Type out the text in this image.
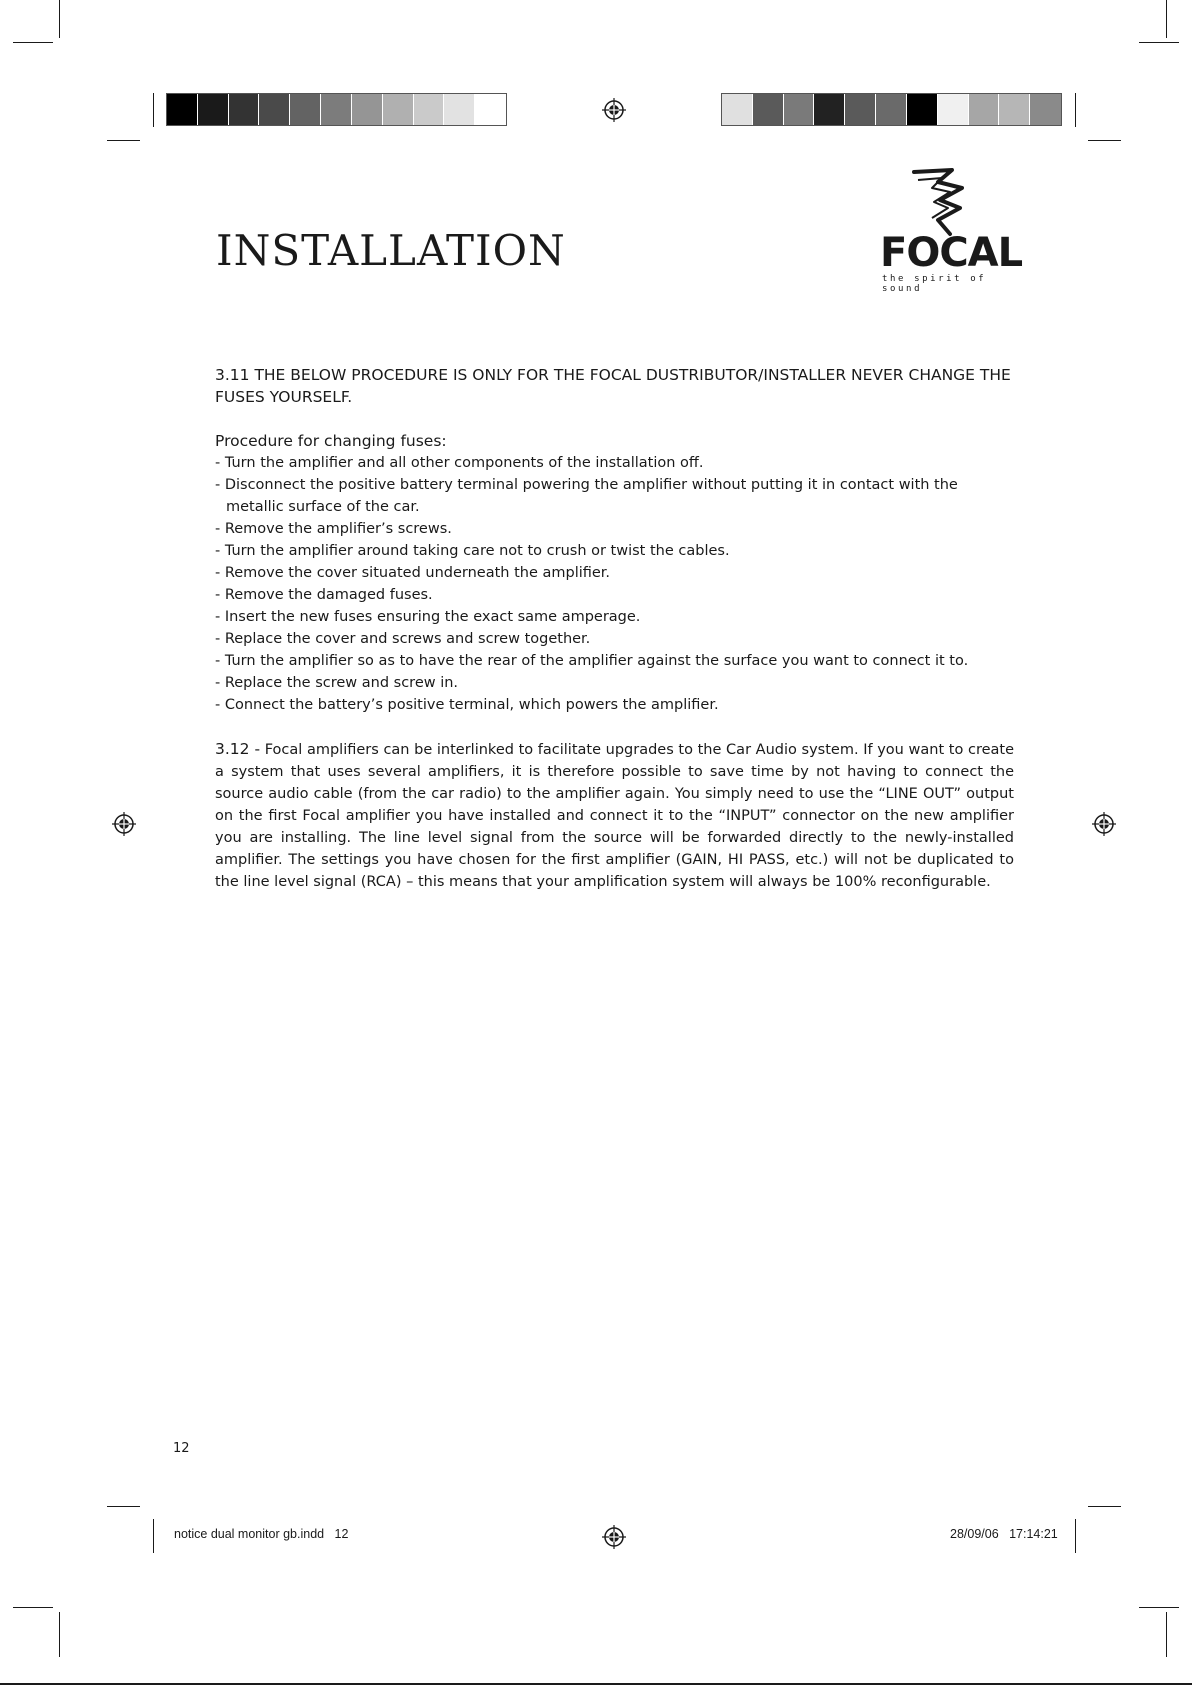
INSTALLATION	FOCAL
the spirit of sound
3.11 THE BELOW PROCEDURE IS ONLY FOR THE FOCAL DUSTRIBUTOR/INSTALLER NEVER CHANGE THE FUSES YOURSELF.

Procedure for changing fuses:

- Turn the amplifier and all other components of the installation off.
- Disconnect the positive battery terminal powering the amplifier without putting it in contact with the metallic surface of the car.
- Remove the amplifier’s screws.
- Turn the amplifier around taking care not to crush or twist the cables.
- Remove the cover situated underneath the amplifier.
- Remove the damaged fuses.
- Insert the new fuses ensuring the exact same amperage.
- Replace the cover and screws and screw together.
- Turn the amplifier so as to have the rear of the amplifier against the surface you want to connect it to.
- Replace the screw and screw in.
- Connect the battery’s positive terminal, which powers the amplifier.

3.12 - Focal amplifiers can be interlinked to facilitate upgrades to the Car Audio system. If you want to create a system that uses several amplifiers, it is therefore possible to save time by not having to connect the source audio cable (from the car radio) to the amplifier again. You simply need to use the “LINE OUT” output on the first Focal amplifier you have installed and connect it to the “INPUT” connector on the new amplifier you are installing. The line level signal from the source will be forwarded directly to the newly-installed amplifier. The settings you have chosen for the first amplifier (GAIN, HI PASS, etc.) will not be duplicated to the line level signal (RCA) – this means that your amplification system will always be 100% reconfigurable.

12
notice dual monitor gb.indd   12	28/09/06   17:14:21
